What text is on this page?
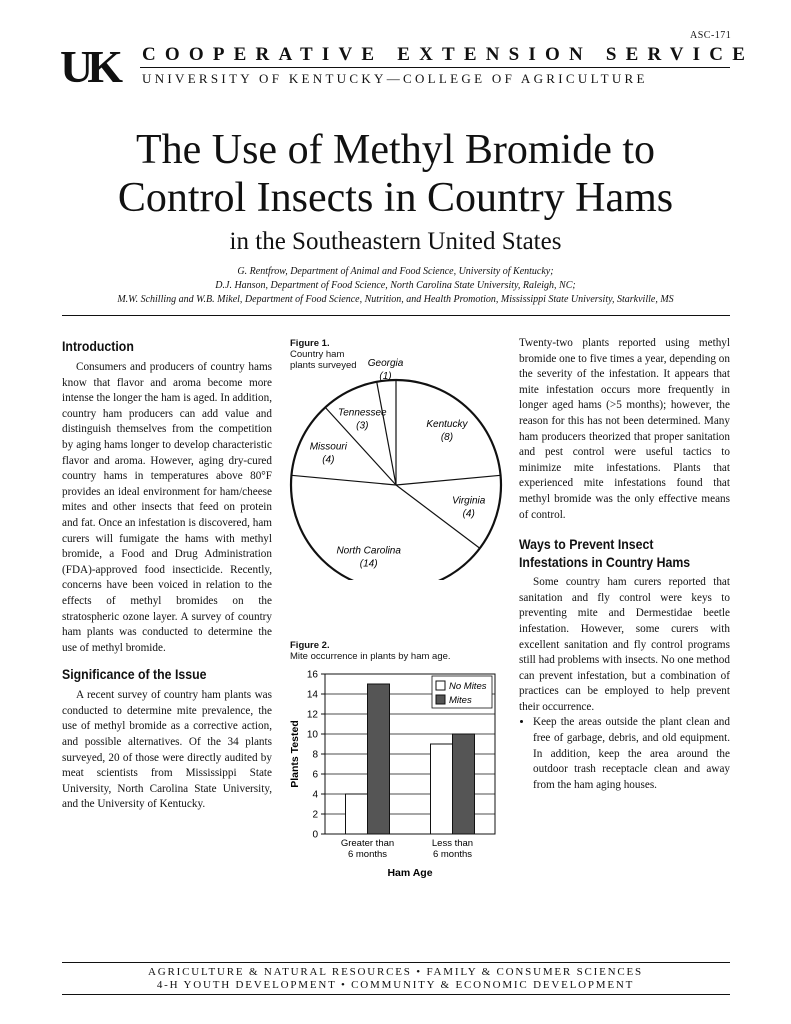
ASC-171
UK COOPERATIVE EXTENSION SERVICE
UNIVERSITY OF KENTUCKY—COLLEGE OF AGRICULTURE
The Use of Methyl Bromide to
Control Insects in Country Hams
in the Southeastern United States
G. Rentfrow, Department of Animal and Food Science, University of Kentucky;
D.J. Hanson, Department of Food Science, North Carolina State University, Raleigh, NC;
M.W. Schilling and W.B. Mikel, Department of Food Science, Nutrition, and Health Promotion, Mississippi State University, Starkville, MS
Introduction

Consumers and producers of country hams know that flavor and aroma become more intense the longer the ham is aged. In addition, country ham producers can add value and distinguish themselves from the competition by aging hams longer to develop characteristic flavor and aroma. However, aging dry-cured country hams in temperatures above 80°F provides an ideal environment for ham/cheese mites and other insects that feed on protein and fat. Once an infestation is discovered, ham curers will fumigate the hams with methyl bromide, a Food and Drug Administration (FDA)-approved food insecticide. Recently, concerns have been voiced in relation to the effects of methyl bromides on the stratospheric ozone layer. A survey of country ham plants was conducted to determine the use of methyl bromide.

Significance of the Issue

A recent survey of country ham plants was conducted to determine mite prevalence, the use of methyl bromide as a corrective action, and possible alternatives. Of the 34 plants surveyed, 20 of those were directly audited by meat scientists from Mississippi State University, North Carolina State University, and the University of Kentucky.

Figure 1.
Country ham
plants surveyed Georgia
(1)
Kentucky
(8)
Virginia
(4)
North Carolina
(14)
Missouri
(4)
Tennessee
(3)
Figure 2.
Mite occurrence in plants by ham age.
0
2
4
6
8
10
12
14
16
Greater than
6 months
Less than
6 months
Ham Age
Plants Tested
No Mites
Mites

Twenty-two plants reported using methyl bromide one to five times a year, depending on the severity of the infestation. It appears that mite infestation occurs more frequently in longer aged hams (>5 months); however, the reason for this has not been determined. Many ham producers theorized that proper sanitation and pest control were useful tactics to minimize mite infestations. Plants that experienced mite infestations found that methyl bromide was the only effective means of control.

Ways to Prevent Insect
Infestations in Country Hams

Some country ham curers reported that sanitation and fly control were keys to preventing mite and Dermestidae beetle infestation. However, some curers with excellent sanitation and fly control programs still had problems with insects. No one method can prevent infestation, but a combination of practices can be employed to help prevent their occurrence.

• Keep the areas outside the plant clean and free of garbage, debris, and old equipment. In addition, keep the area around the outdoor trash receptacle clean and away from the ham aging houses.
AGRICULTURE & NATURAL RESOURCES • FAMILY & CONSUMER SCIENCES
4-H YOUTH DEVELOPMENT • COMMUNITY & ECONOMIC DEVELOPMENT
